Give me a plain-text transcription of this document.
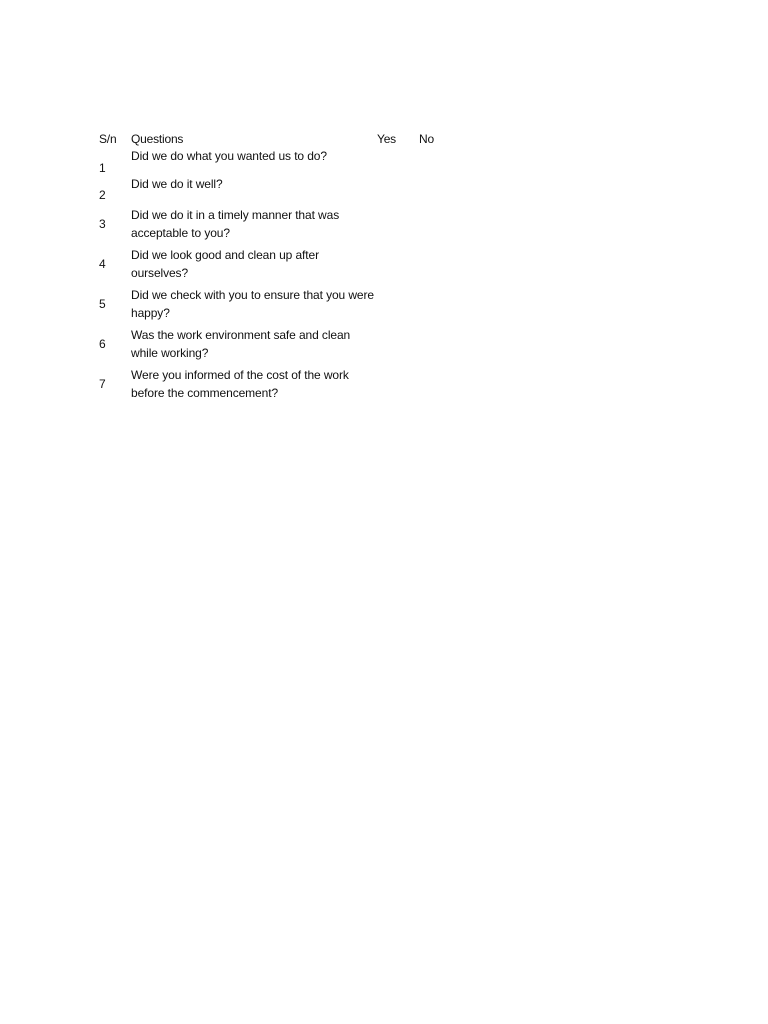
S/n	Questions	Yes	No
1	Did we do what you wanted us to do?		
2	Did we do it well?		
3	Did we do it in a timely manner that was acceptable to you?		
4	Did we look good and clean up after ourselves?		
5	Did we check with you to ensure that you were happy?		
6	Was the work environment safe and clean while working?		
7	Were you informed of the cost of the work before the commencement?		
